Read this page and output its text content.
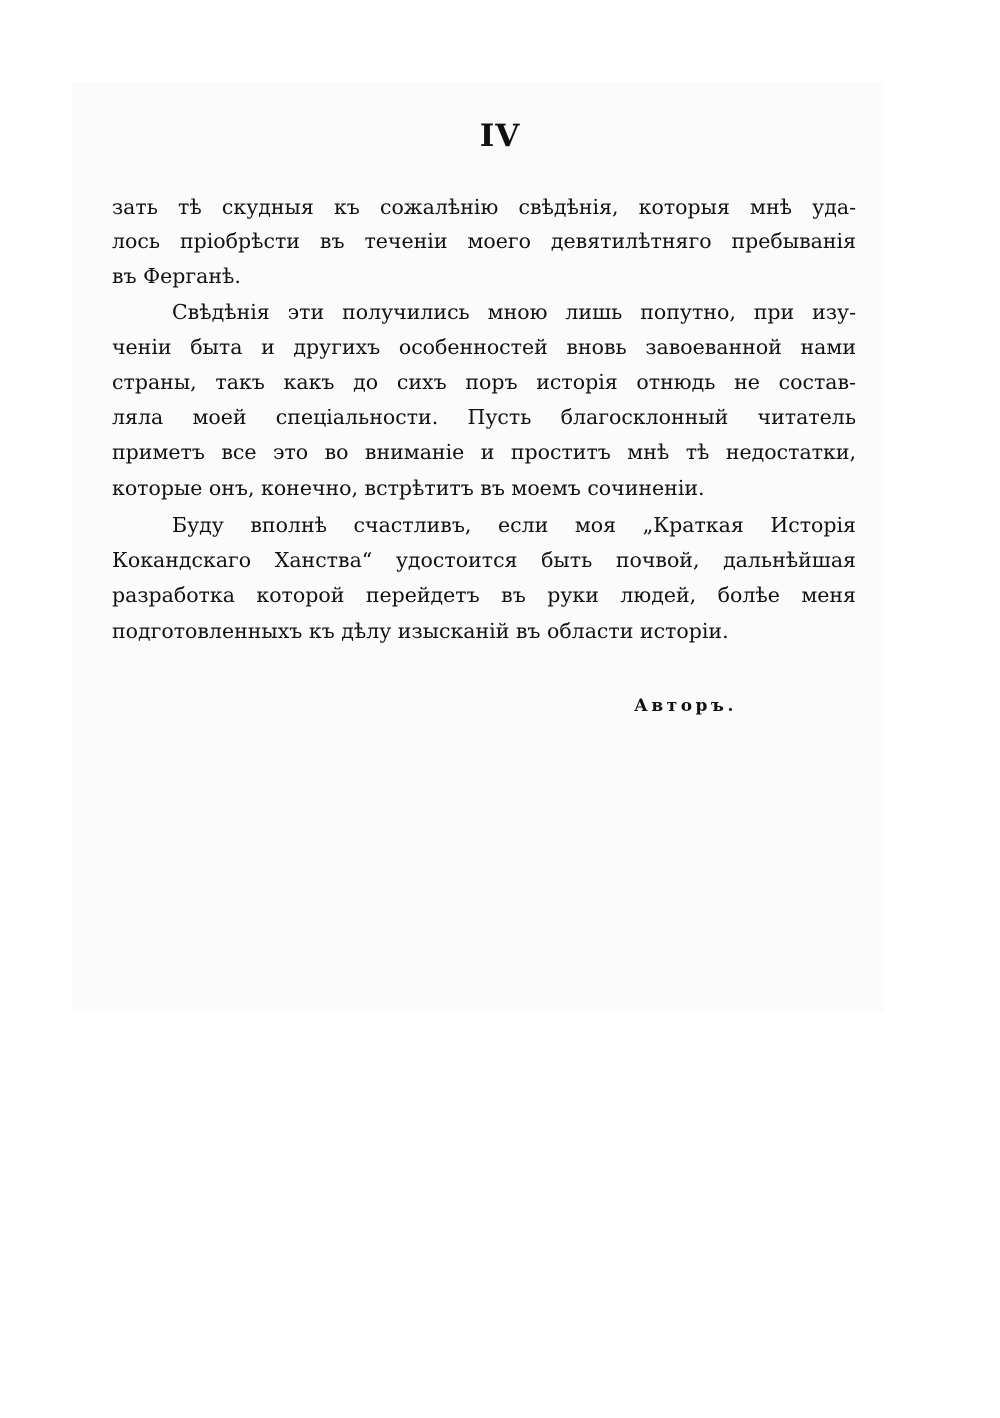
IV
зать тѣ скудныя къ сожалѣнію свѣдѣнія, которыя мнѣ уда-
лось пріобрѣсти въ теченіи моего девятилѣтняго пребыванія
въ Ферганѣ.
Свѣдѣнія эти получились мною лишь попутно, при изу-
ченіи быта и другихъ особенностей вновь завоеванной нами
страны, такъ какъ до сихъ поръ исторія отнюдь не состав-
ляла моей спеціальности. Пусть благосклонный читатель
приметъ все это во вниманіе и проститъ мнѣ тѣ недостатки,
которые онъ, конечно, встрѣтитъ въ моемъ сочиненіи.
Буду вполнѣ счастливъ, если моя „Краткая Исторія
Кокандскаго Ханства“ удостоится быть почвой, дальнѣйшая
разработка которой перейдетъ въ руки людей, болѣе меня
подготовленныхъ къ дѣлу изысканій въ области исторіи.
Авторъ.
